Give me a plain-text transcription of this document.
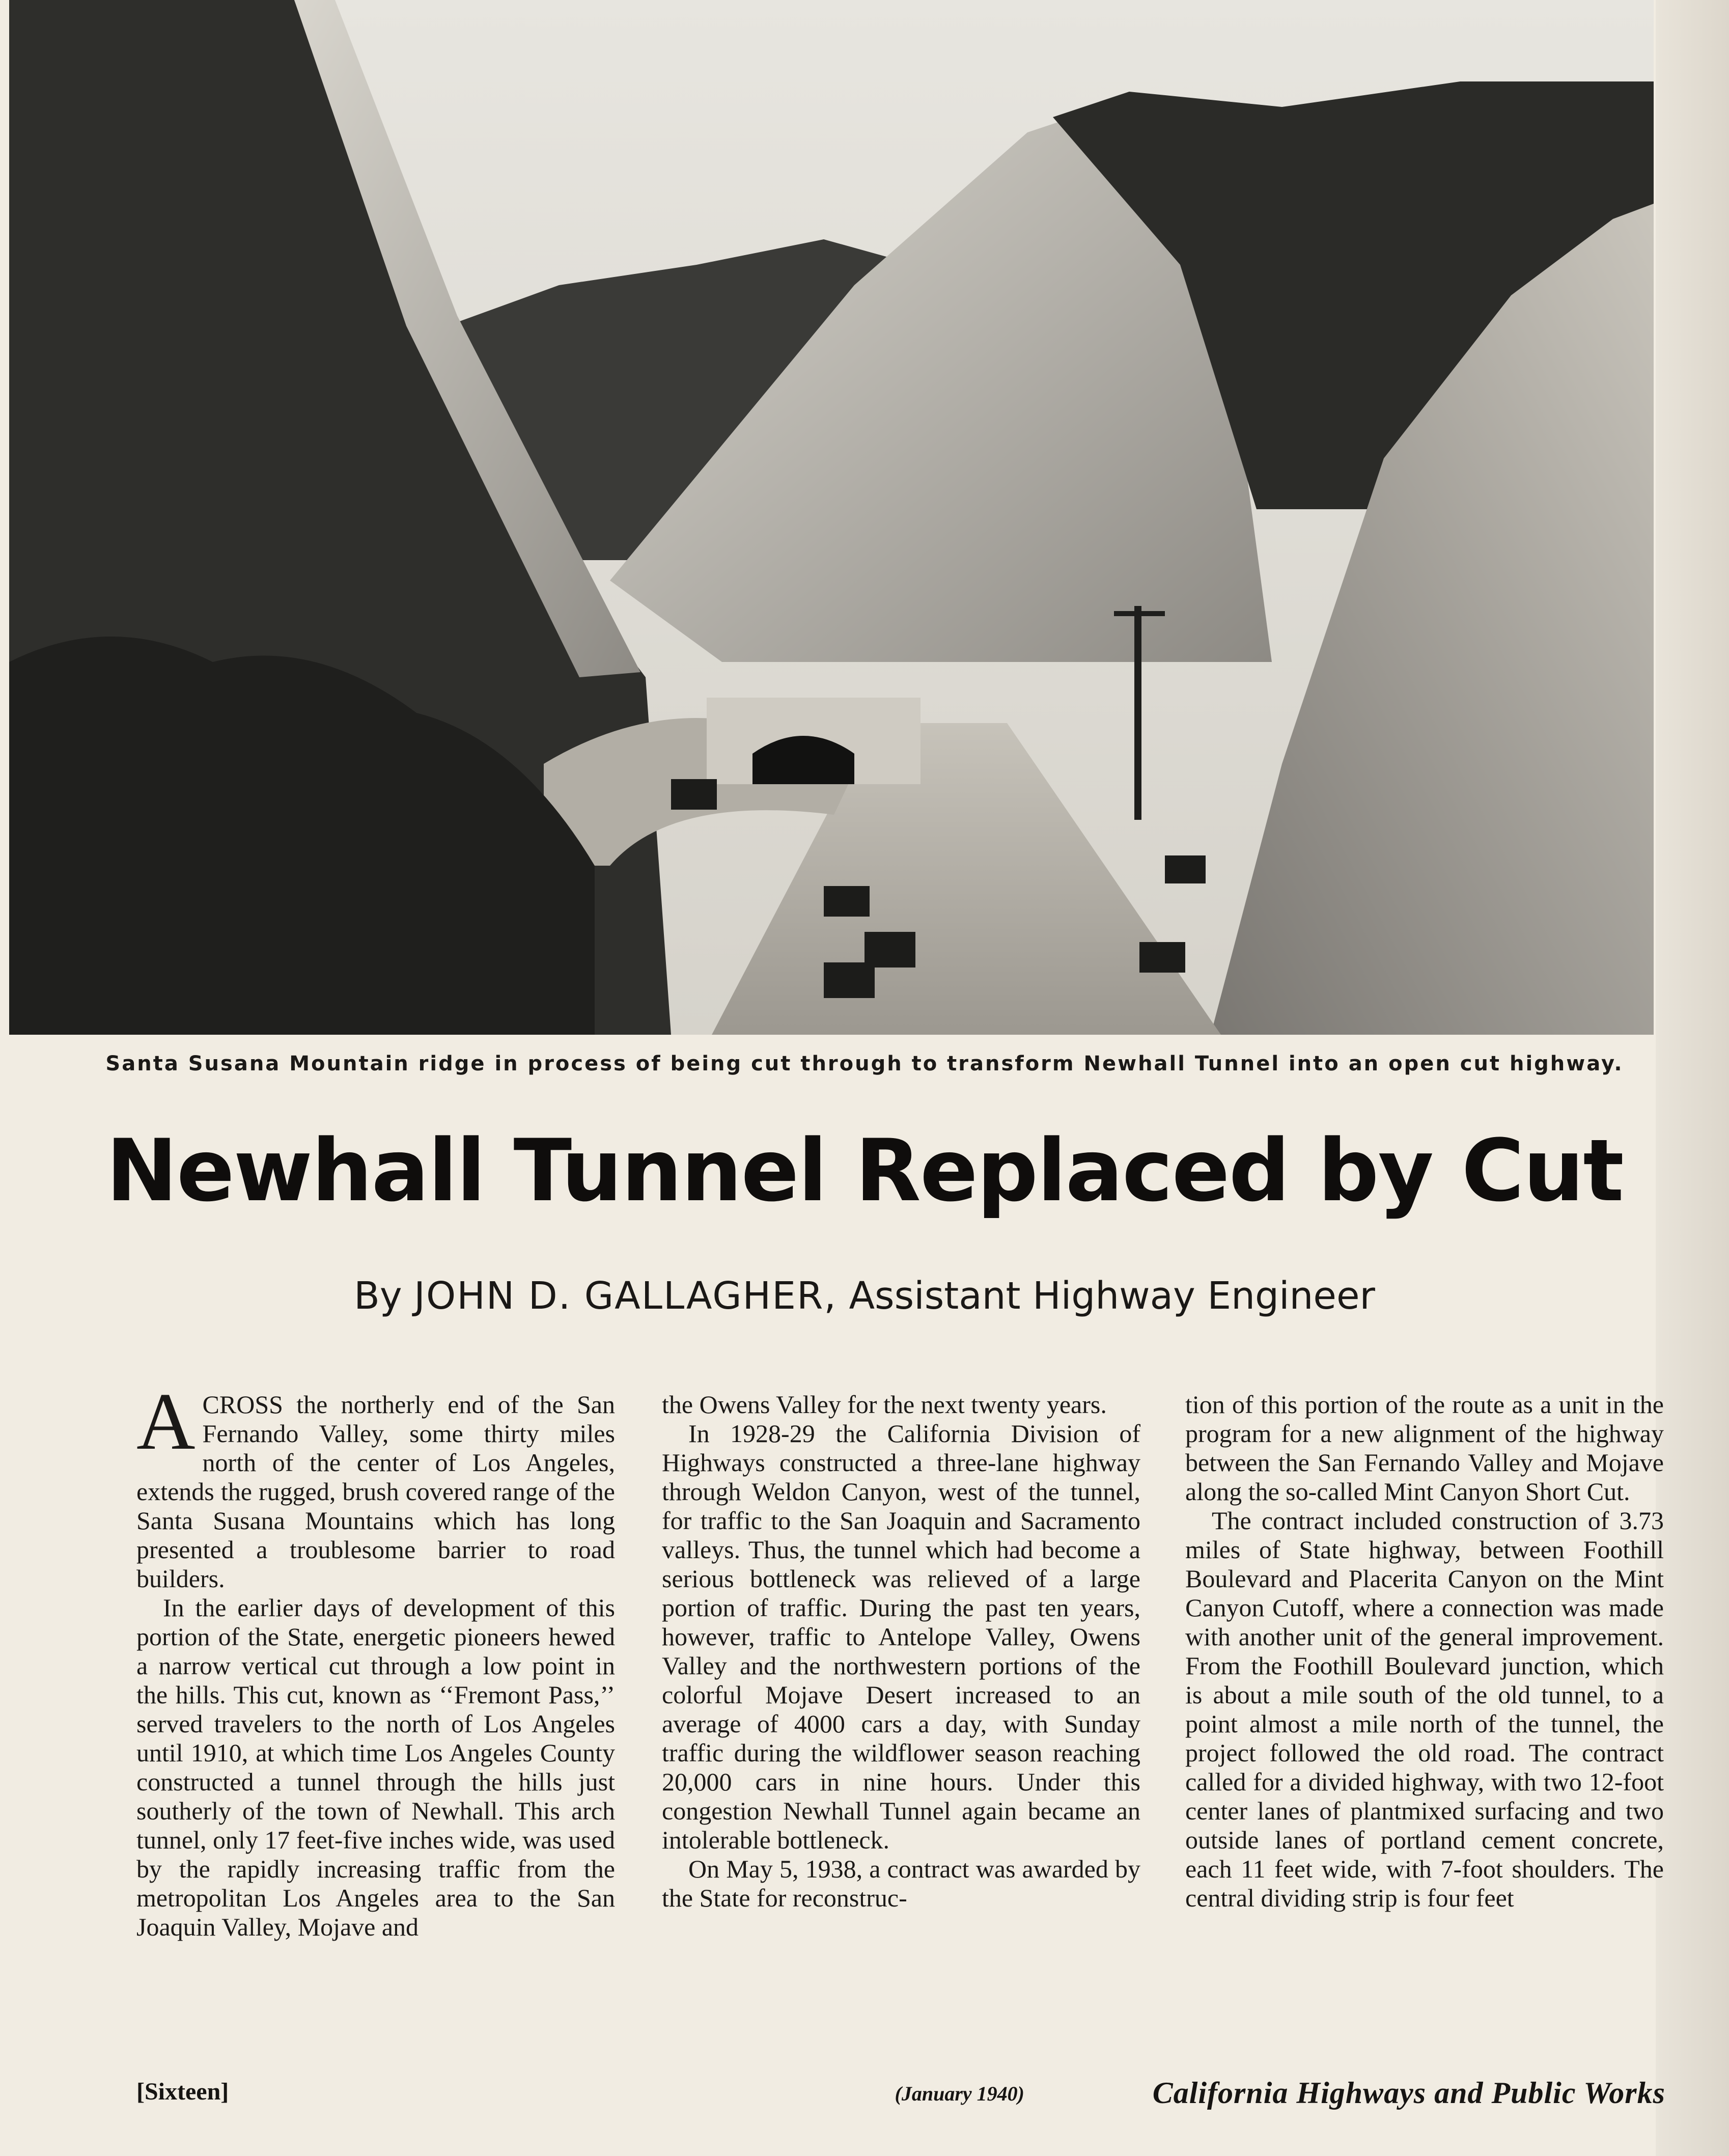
Santa Susana Mountain ridge in process of being cut through to transform Newhall Tunnel into an open cut highway.
Newhall Tunnel Replaced by Cut
By JOHN D. GALLAGHER, Assistant Highway Engineer

ACROSS the northerly end of the San Fernando Valley, some thirty miles north of the center of Los Angeles, extends the rugged, brush covered range of the Santa Susana Mountains which has long presented a troublesome barrier to road builders.

In the earlier days of development of this portion of the State, energetic pioneers hewed a narrow vertical cut through a low point in the hills. This cut, known as ‘‘Fremont Pass,’’ served travelers to the north of Los Angeles until 1910, at which time Los Angeles County constructed a tunnel through the hills just southerly of the town of Newhall. This arch tunnel, only 17 feet-five inches wide, was used by the rapidly increasing traffic from the metropolitan Los Angeles area to the San Joaquin Valley, Mojave and

the Owens Valley for the next twenty years.

In 1928-29 the California Division of Highways constructed a three-lane highway through Weldon Canyon, west of the tunnel, for traffic to the San Joaquin and Sacramento valleys. Thus, the tunnel which had become a serious bottleneck was relieved of a large portion of traffic. During the past ten years, however, traffic to Antelope Valley, Owens Valley and the northwestern portions of the colorful Mojave Desert increased to an average of 4000 cars a day, with Sunday traffic during the wildflower season reaching 20,000 cars in nine hours. Under this congestion Newhall Tunnel again became an intolerable bottleneck.

On May 5, 1938, a contract was awarded by the State for reconstruc-

tion of this portion of the route as a unit in the program for a new alignment of the highway between the San Fernando Valley and Mojave along the so-called Mint Canyon Short Cut.

The contract included construction of 3.73 miles of State highway, between Foothill Boulevard and Placerita Canyon on the Mint Canyon Cutoff, where a connection was made with another unit of the general improvement. From the Foothill Boulevard junction, which is about a mile south of the old tunnel, to a point almost a mile north of the tunnel, the project followed the old road. The contract called for a divided highway, with two 12-foot center lanes of plantmixed surfacing and two outside lanes of portland cement concrete, each 11 feet wide, with 7-foot shoulders. The central dividing strip is four feet

[Sixteen]	(January 1940)	California Highways and Public Works
